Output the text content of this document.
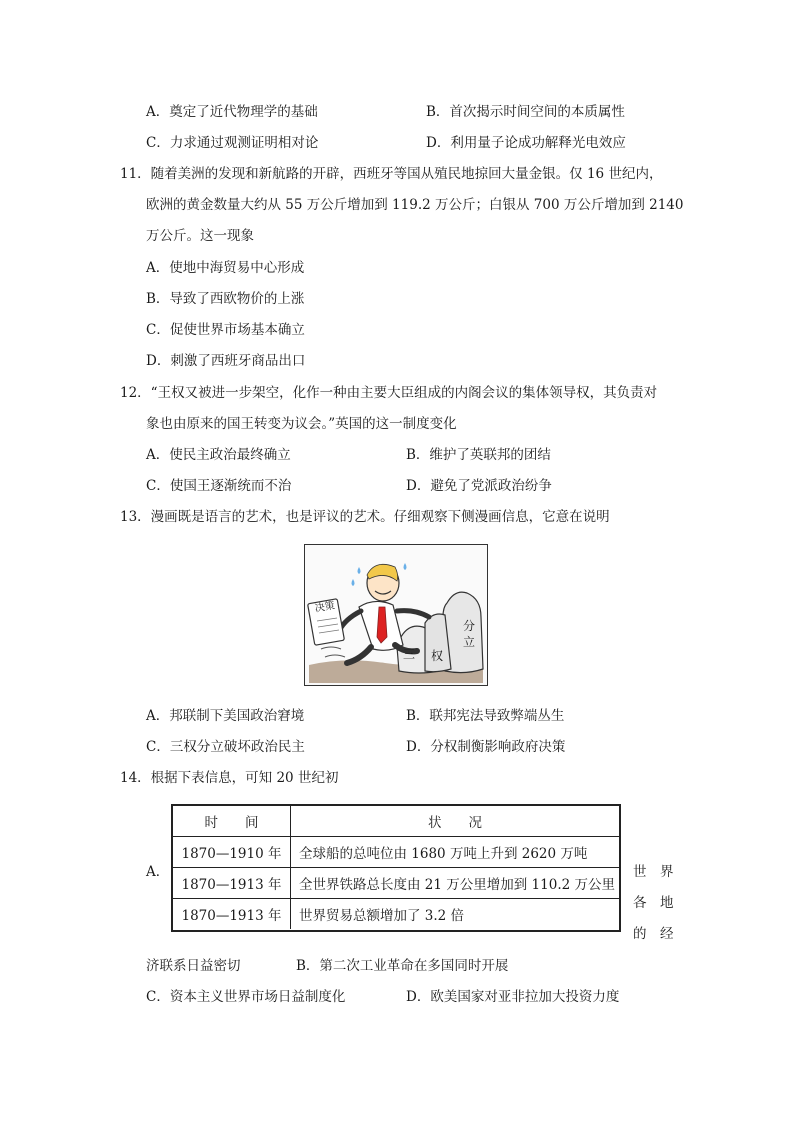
A．奠定了近代物理学的基础	B．首次揭示时间空间的本质属性
C．力求通过观测证明相对论	D．利用量子论成功解释光电效应
11．随着美洲的发现和新航路的开辟，西班牙等国从殖民地掠回大量金银。仅 16 世纪内，
欧洲的黄金数量大约从 55 万公斤增加到 119.2 万公斤；白银从 700 万公斤增加到 2140
万公斤。这一现象
A．使地中海贸易中心形成
B．导致了西欧物价的上涨
C．促使世界市场基本确立
D．刺激了西班牙商品出口
12．“王权又被进一步架空，化作一种由主要大臣组成的内阁会议的集体领导权，其负责对
象也由原来的国王转变为议会。”英国的这一制度变化
A．使民主政治最终确立	B．维护了英联邦的团结
C．使国王逐渐统而不治	D．避免了党派政治纷争
13．漫画既是语言的艺术，也是评议的艺术。仔细观察下侧漫画信息，它意在说明
决策
分
立
三 权
A．邦联制下美国政治窘境	B．联邦宪法导致弊端丛生
C．三权分立破坏政治民主	D．分权制衡影响政府决策
14．根据下表信息，可知 20 世纪初
时　　间	状　　况
1870—1910 年	全球船的总吨位由 1680 万吨上升到 2620 万吨
1870—1913 年	全世界铁路总长度由 21 万公里增加到 110.2 万公里
1870—1913 年	世界贸易总额增加了 3.2 倍
A．	世　界
各　地
的　经
济联系日益密切	B．第二次工业革命在多国同时开展
C．资本主义世界市场日益制度化	D．欧美国家对亚非拉加大投资力度
